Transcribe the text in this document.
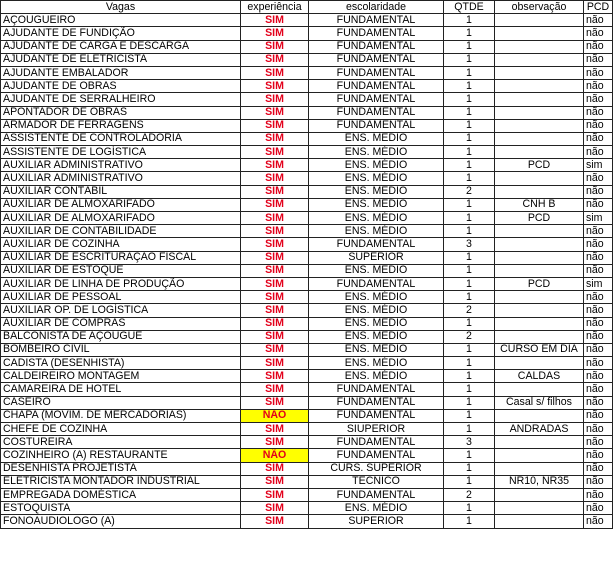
Vagas	experiência	escolaridade	QTDE	observação	PCD
AÇOUGUEIRO	SIM	FUNDAMENTAL	1		não
AJUDANTE DE FUNDIÇÃO	SIM	FUNDAMENTAL	1		não
AJUDANTE DE CARGA E DESCARGA	SIM	FUNDAMENTAL	1		não
AJUDANTE DE ELETRICISTA	SIM	FUNDAMENTAL	1		não
AJUDANTE EMBALADOR	SIM	FUNDAMENTAL	1		não
AJUDANTE DE OBRAS	SIM	FUNDAMENTAL	1		não
AJUDANTE DE SERRALHEIRO	SIM	FUNDAMENTAL	1		não
APONTADOR DE OBRAS	SIM	FUNDAMENTAL	1		não
ARMADOR DE FERRAGENS	SIM	FUNDAMENTAL	1		não
ASSISTENTE DE CONTROLADORIA	SIM	ENS. MÉDIO	1		não
ASSISTENTE DE LOGÍSTICA	SIM	ENS. MÉDIO	1		não
AUXILIAR ADMINISTRATIVO	SIM	ENS. MÉDIO	1	PCD	sim
AUXILIAR ADMINISTRATIVO	SIM	ENS. MÉDIO	1		não
AUXILIAR CONTÁBIL	SIM	ENS. MÉDIO	2		não
AUXILIAR DE ALMOXARIFADO	SIM	ENS. MÉDIO	1	CNH B	não
AUXILIAR DE ALMOXARIFADO	SIM	ENS. MÉDIO	1	PCD	sim
AUXILIAR DE CONTABILIDADE	SIM	ENS. MÉDIO	1		não
AUXILIAR DE COZINHA	SIM	FUNDAMENTAL	3		não
AUXILIAR DE ESCRITURAÇÃO FISCAL	SIM	SUPERIOR	1		não
AUXILIAR DE ESTOQUE	SIM	ENS. MÉDIO	1		não
AUXILIAR DE LINHA DE PRODUÇÃO	SIM	FUNDAMENTAL	1	PCD	sim
AUXILIAR DE PESSOAL	SIM	ENS. MÉDIO	1		não
AUXILIAR OP. DE LOGÍSTICA	SIM	ENS. MÉDIO	2		não
AUXILIAR DE COMPRAS	SIM	ENS. MÉDIO	1		não
BALCONISTA DE AÇOUGUE	SIM	ENS. MÉDIO	2		não
BOMBEIRO CIVIL	SIM	ENS. MÉDIO	1	CURSO EM DIA	não
CADISTA (DESENHISTA)	SIM	ENS. MÉDIO	1		não
CALDEIREIRO MONTAGEM	SIM	ENS. MÉDIO	1	CALDAS	não
CAMAREIRA DE HOTEL	SIM	FUNDAMENTAL	1		não
CASEIRO	SIM	FUNDAMENTAL	1	Casal s/ filhos	não
CHAPA (MOVIM. DE MERCADORIAS)	NÃO	FUNDAMENTAL	1		não
CHEFE DE COZINHA	SIM	SIUPERIOR	1	ANDRADAS	não
COSTUREIRA	SIM	FUNDAMENTAL	3		não
COZINHEIRO (A) RESTAURANTE	NÃO	FUNDAMENTAL	1		não
DESENHISTA PROJETISTA	SIM	CURS. SUPERIOR	1		não
ELETRICISTA MONTADOR INDUSTRIAL	SIM	TÉCNICO	1	NR10, NR35	não
EMPREGADA DOMÉSTICA	SIM	FUNDAMENTAL	2		não
ESTOQUISTA	SIM	ENS. MÉDIO	1		não
FONOAUDIOLOGO (A)	SIM	SUPERIOR	1		não
